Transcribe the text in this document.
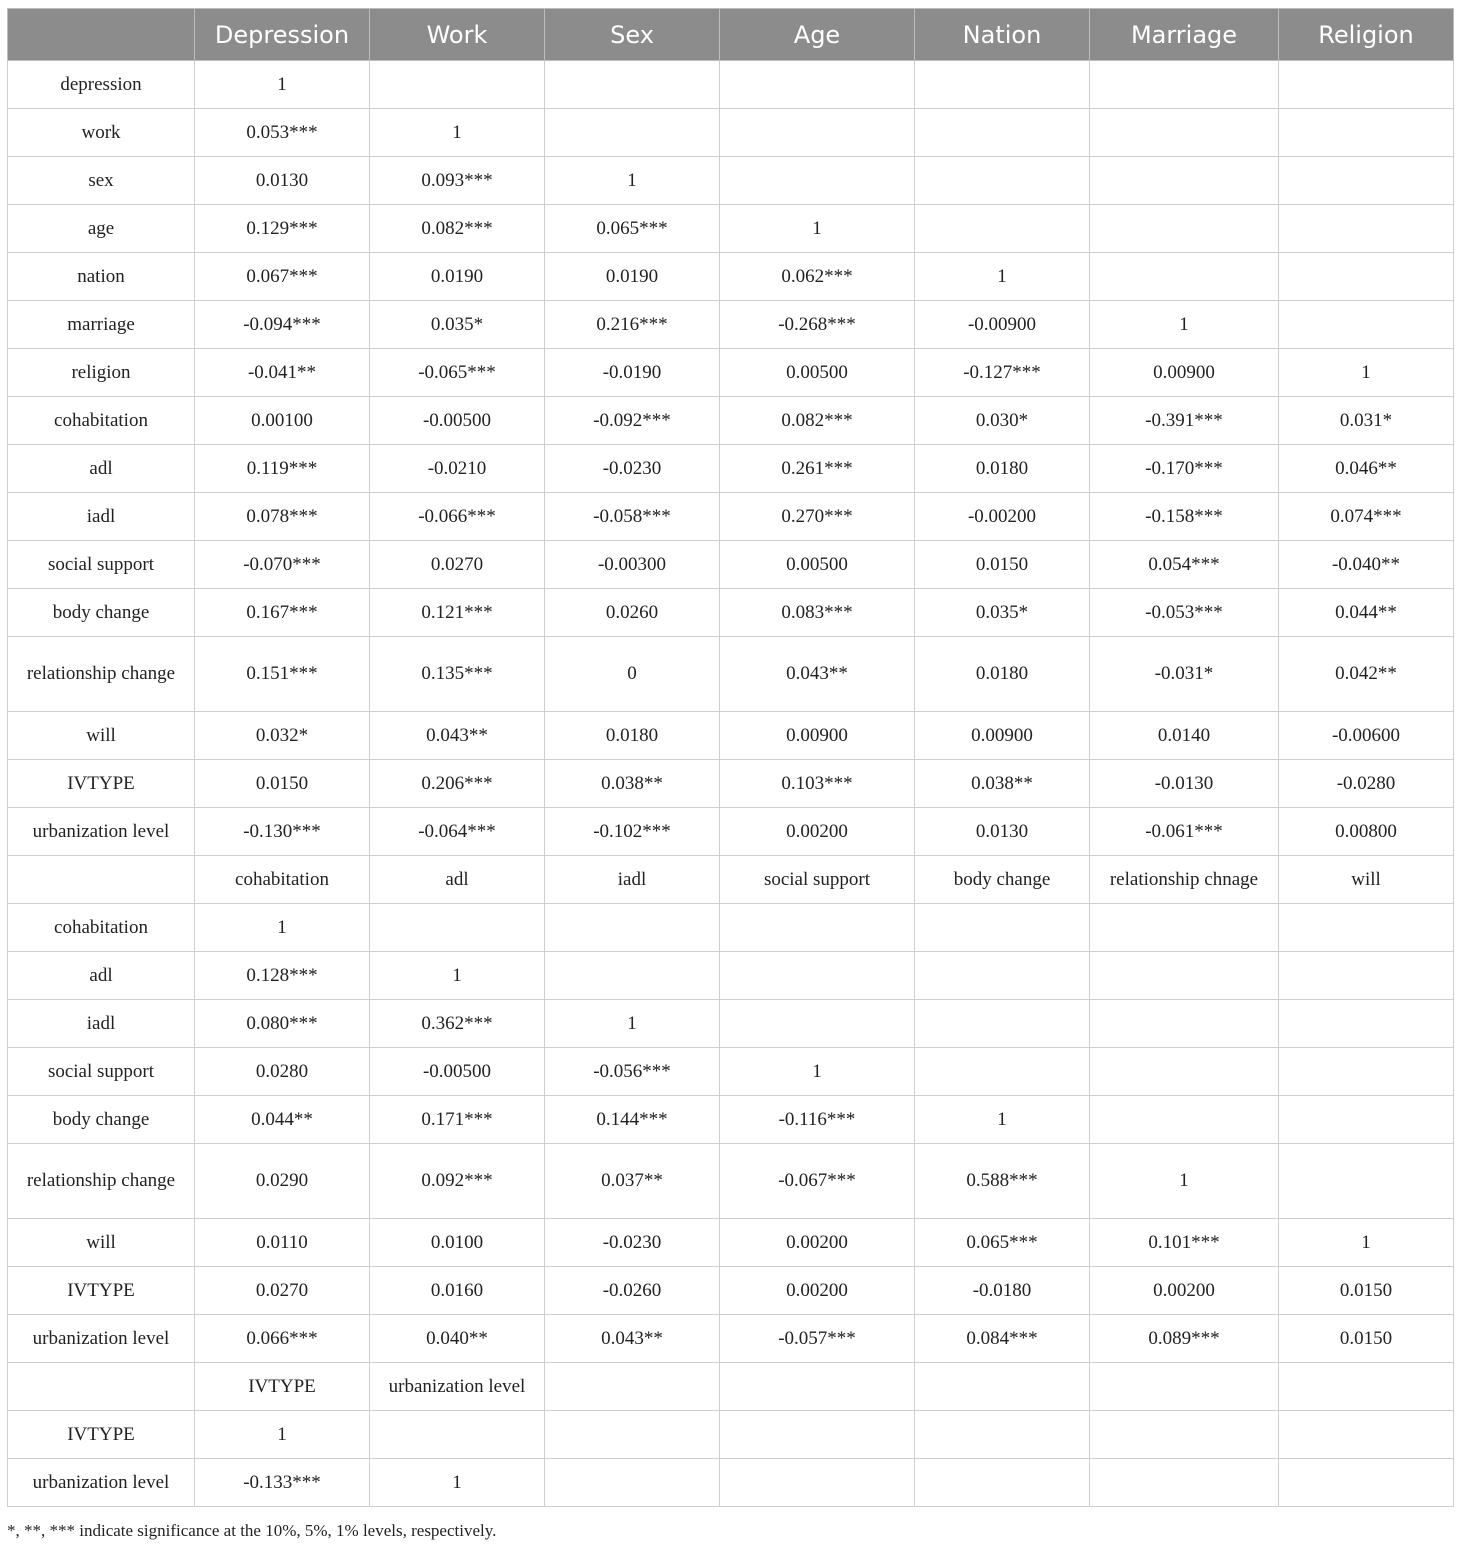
	Depression	Work	Sex	Age	Nation	Marriage	Religion
depression	1						
work	0.053***	1					
sex	0.0130	0.093***	1				
age	0.129***	0.082***	0.065***	1			
nation	0.067***	0.0190	0.0190	0.062***	1		
marriage	-0.094***	0.035*	0.216***	-0.268***	-0.00900	1	
religion	-0.041**	-0.065***	-0.0190	0.00500	-0.127***	0.00900	1
cohabitation	0.00100	-0.00500	-0.092***	0.082***	0.030*	-0.391***	0.031*
adl	0.119***	-0.0210	-0.0230	0.261***	0.0180	-0.170***	0.046**
iadl	0.078***	-0.066***	-0.058***	0.270***	-0.00200	-0.158***	0.074***
social support	-0.070***	0.0270	-0.00300	0.00500	0.0150	0.054***	-0.040**
body change	0.167***	0.121***	0.0260	0.083***	0.035*	-0.053***	0.044**
relationship change	0.151***	0.135***	0	0.043**	0.0180	-0.031*	0.042**
will	0.032*	0.043**	0.0180	0.00900	0.00900	0.0140	-0.00600
IVTYPE	0.0150	0.206***	0.038**	0.103***	0.038**	-0.0130	-0.0280
urbanization level	-0.130***	-0.064***	-0.102***	0.00200	0.0130	-0.061***	0.00800
	cohabitation	adl	iadl	social support	body change	relationship chnage	will
cohabitation	1						
adl	0.128***	1					
iadl	0.080***	0.362***	1				
social support	0.0280	-0.00500	-0.056***	1			
body change	0.044**	0.171***	0.144***	-0.116***	1		
relationship change	0.0290	0.092***	0.037**	-0.067***	0.588***	1	
will	0.0110	0.0100	-0.0230	0.00200	0.065***	0.101***	1
IVTYPE	0.0270	0.0160	-0.0260	0.00200	-0.0180	0.00200	0.0150
urbanization level	0.066***	0.040**	0.043**	-0.057***	0.084***	0.089***	0.0150
	IVTYPE	urbanization level					
IVTYPE	1						
urbanization level	-0.133***	1					
*, **, *** indicate significance at the 10%, 5%, 1% levels, respectively.
